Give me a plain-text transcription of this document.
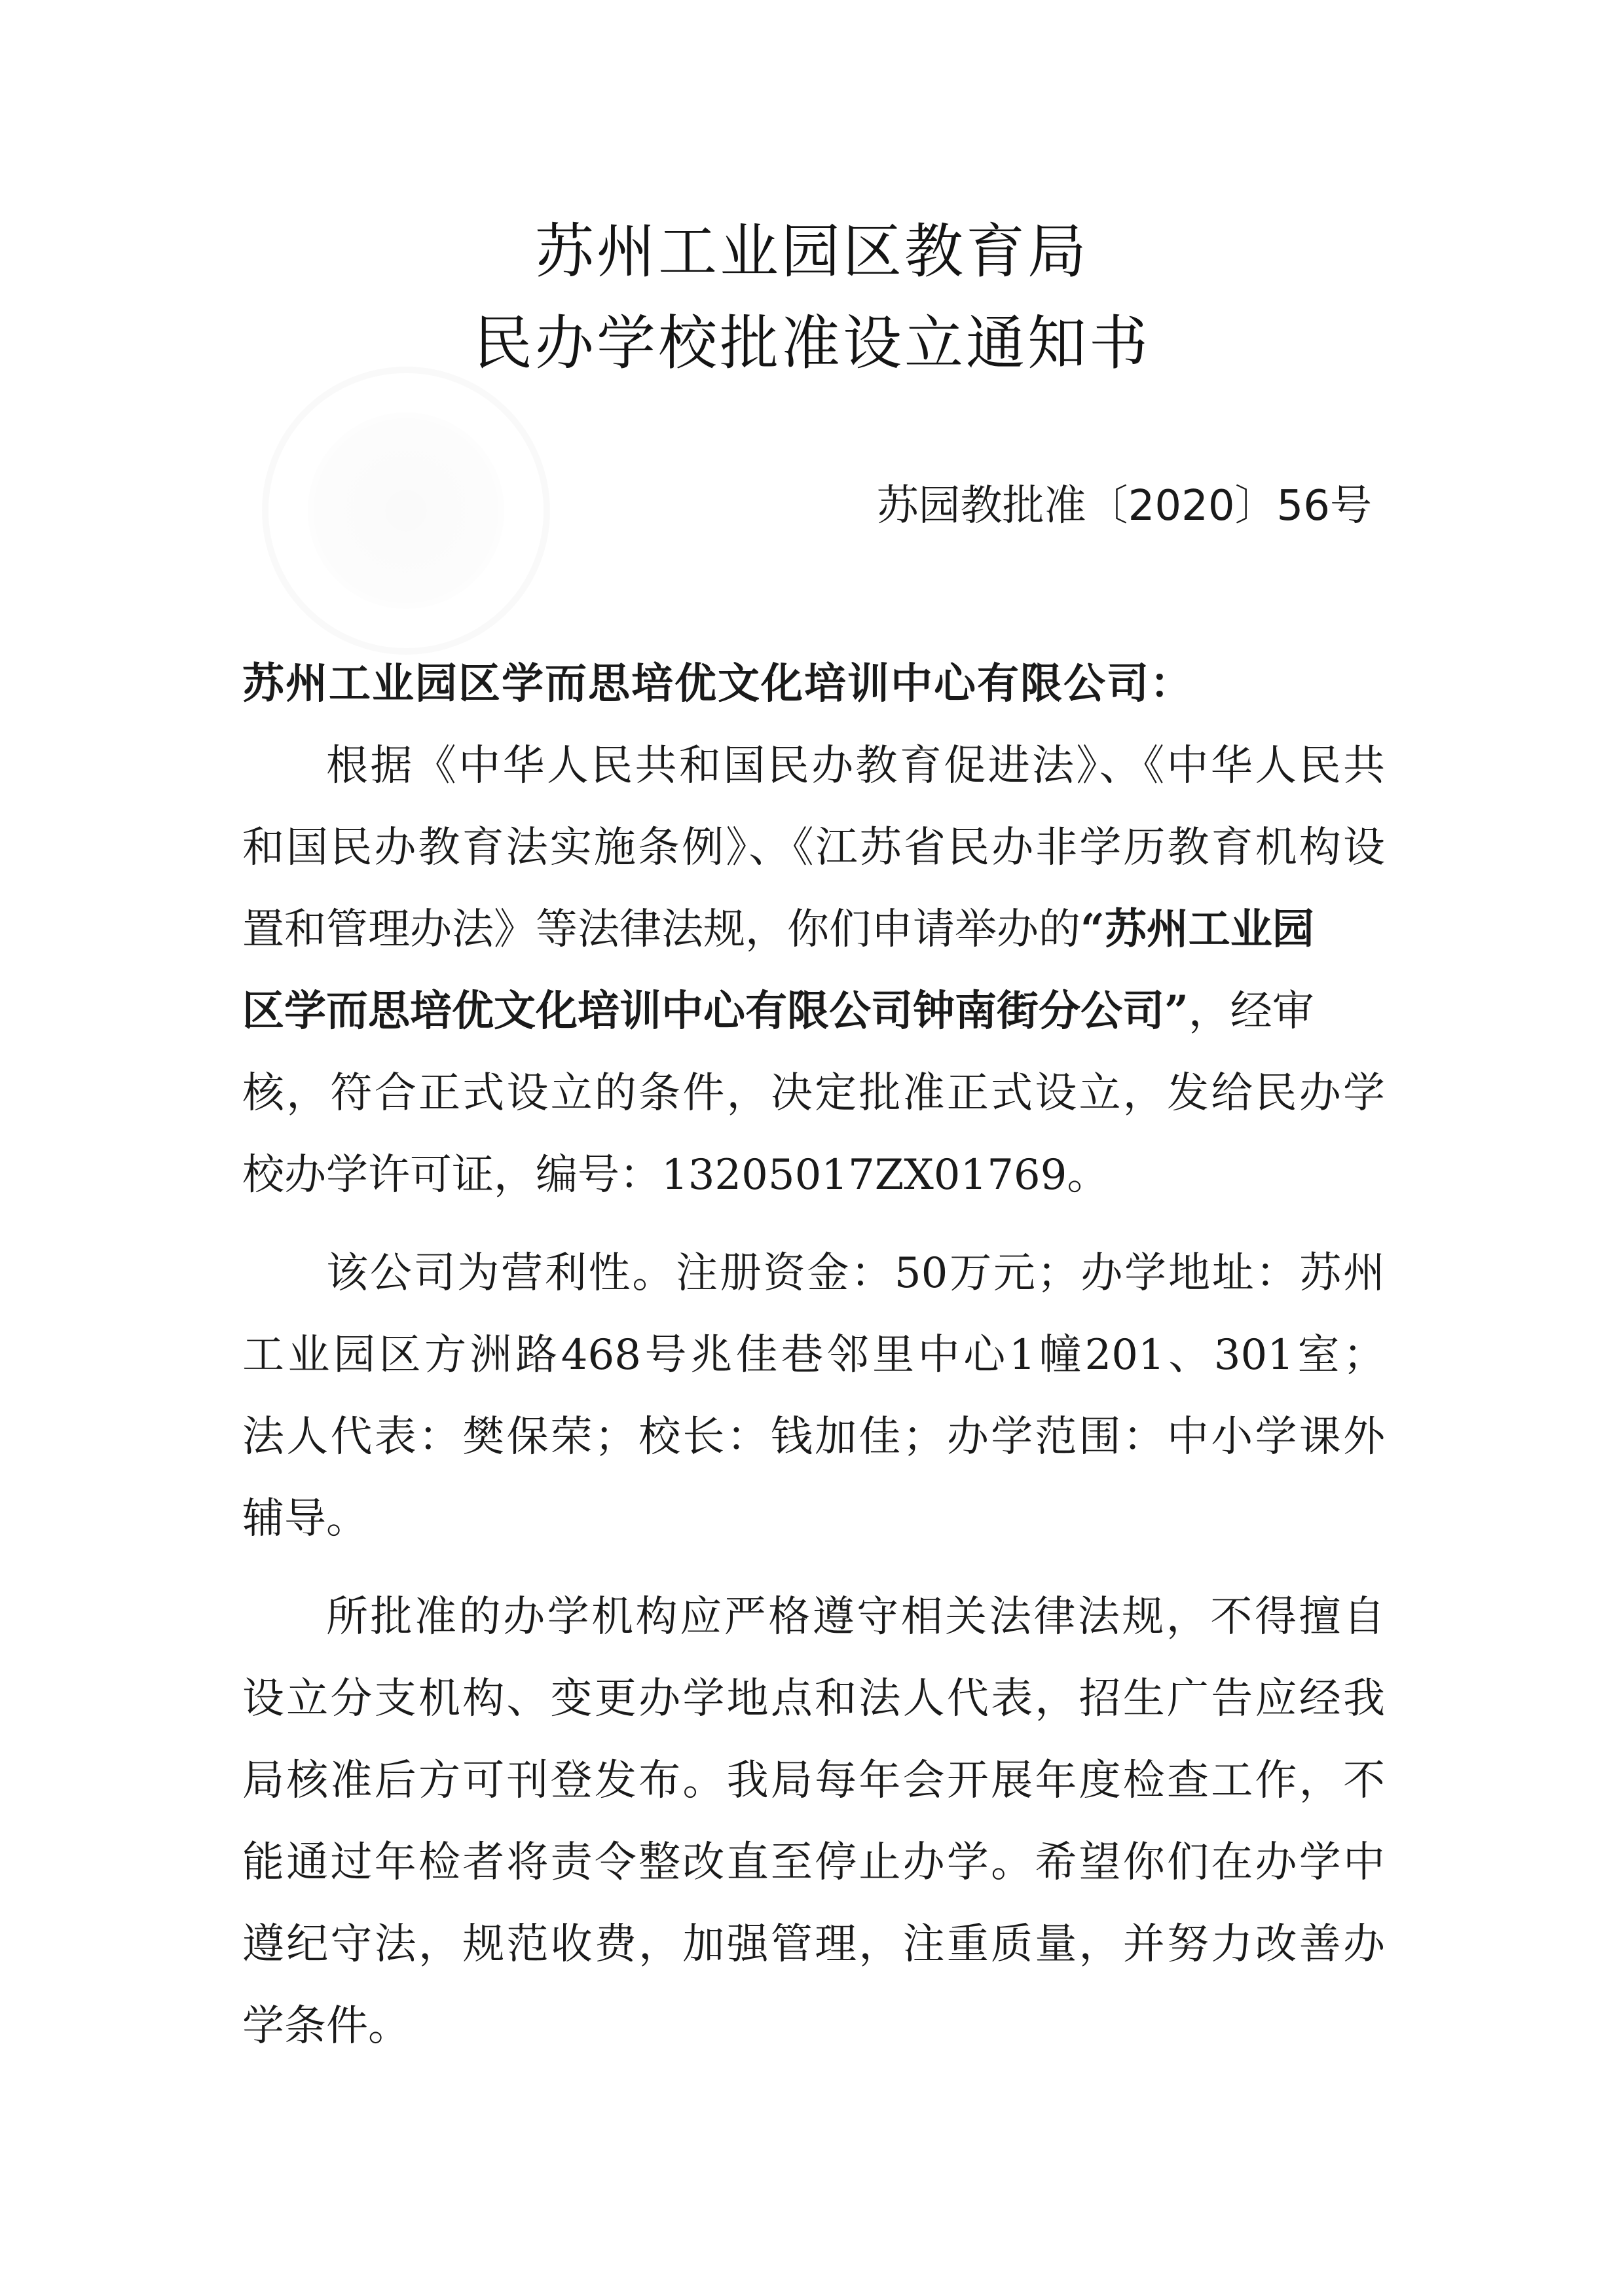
苏州工业园区教育局
民办学校批准设立通知书
苏园教批准〔2020〕56号
苏州工业园区学而思培优文化培训中心有限公司：
根据《中华人民共和国民办教育促进法》、《中华人民共
和国民办教育法实施条例》、《江苏省民办非学历教育机构设
置和管理办法》等法律法规，你们申请举办的“苏州工业园
区学而思培优文化培训中心有限公司钟南街分公司”，经审
核，符合正式设立的条件，决定批准正式设立，发给民办学
校办学许可证，编号：13205017ZX01769。
该公司为营利性。注册资金：50万元；办学地址：苏州
工业园区方洲路468号兆佳巷邻里中心1幢201、301室；
法人代表：樊保荣；校长：钱加佳；办学范围：中小学课外
辅导。
所批准的办学机构应严格遵守相关法律法规，不得擅自
设立分支机构、变更办学地点和法人代表，招生广告应经我
局核准后方可刊登发布。我局每年会开展年度检查工作，不
能通过年检者将责令整改直至停止办学。希望你们在办学中
遵纪守法，规范收费，加强管理，注重质量，并努力改善办
学条件。
